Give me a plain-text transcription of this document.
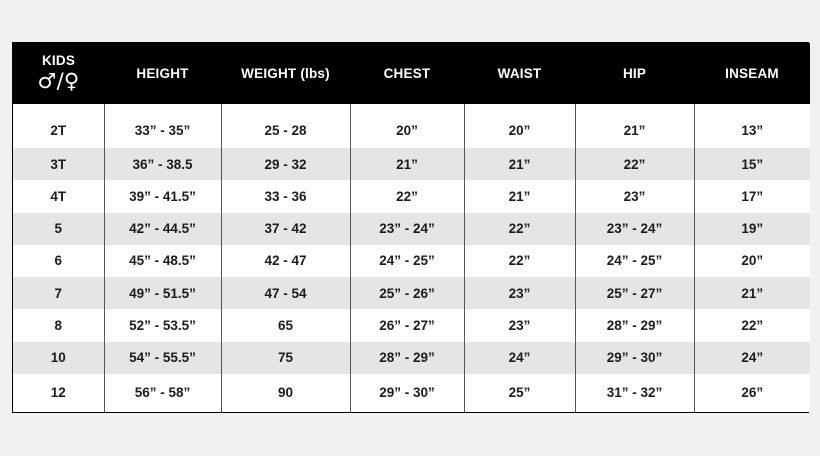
KIDS
♂/♀	HEIGHT	WEIGHT (lbs)	CHEST	WAIST	HIP	INSEAM
2T	33” - 35”	25 - 28	20”	20”	21”	13”
3T	36” - 38.5	29 - 32	21”	21”	22”	15”
4T	39” - 41.5”	33 - 36	22”	21”	23”	17”
5	42” - 44.5”	37 - 42	23” - 24”	22”	23” - 24”	19”
6	45” - 48.5”	42 - 47	24” - 25”	22”	24” - 25”	20”
7	49” - 51.5”	47 - 54	25” - 26”	23”	25” - 27”	21”
8	52” - 53.5”	65	26” - 27”	23”	28” - 29”	22”
10	54” - 55.5”	75	28” - 29”	24”	29” - 30”	24”
12	56” - 58”	90	29” - 30”	25”	31” - 32”	26”
